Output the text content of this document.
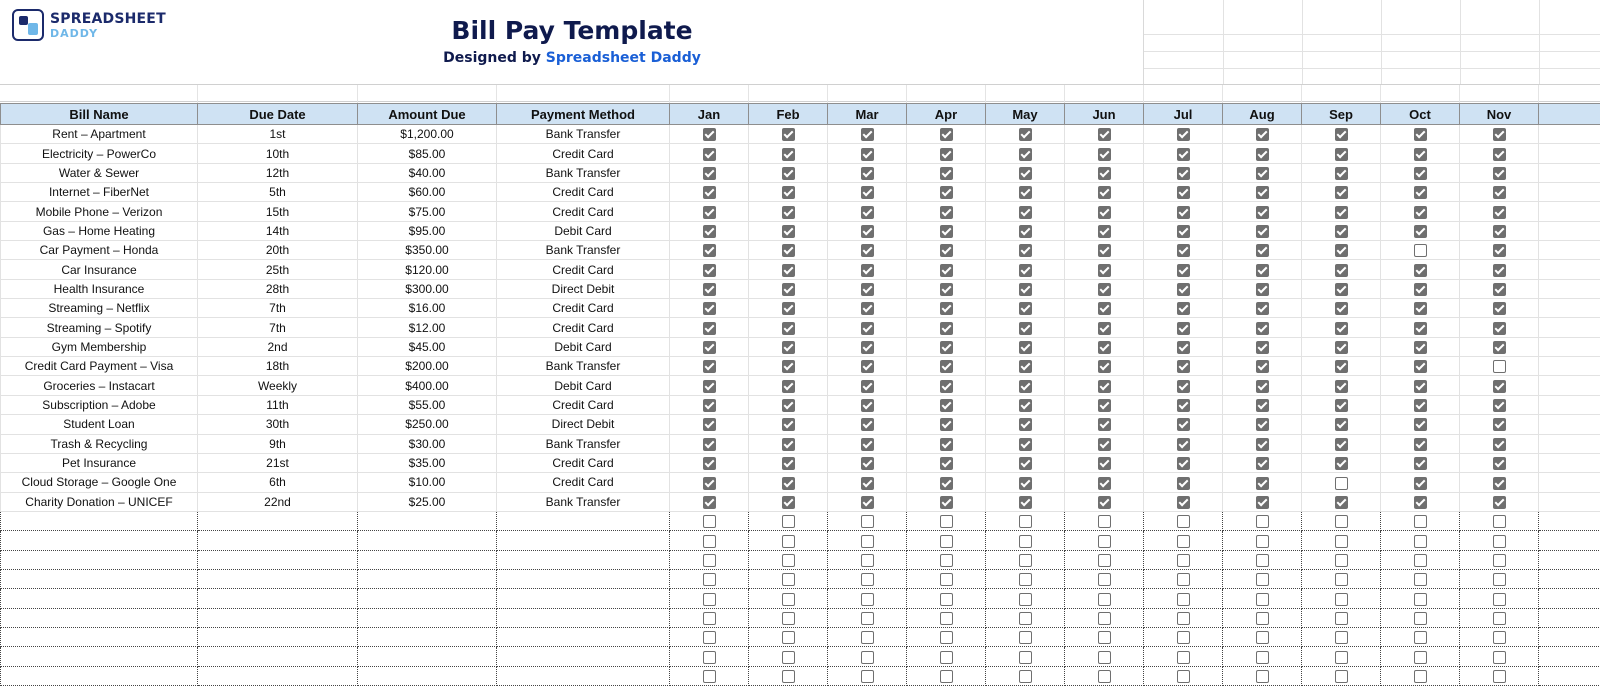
SPREADSHEET
DADDY	Bill Pay Template
Designed by Spreadsheet Daddy
Bill Name	Due Date	Amount Due	Payment Method	Jan	Feb	Mar	Apr	May	Jun	Jul	Aug	Sep	Oct	Nov	
Rent – Apartment	1st	$1,200.00	Bank Transfer												
Electricity – PowerCo	10th	$85.00	Credit Card												
Water & Sewer	12th	$40.00	Bank Transfer												
Internet – FiberNet	5th	$60.00	Credit Card												
Mobile Phone – Verizon	15th	$75.00	Credit Card												
Gas – Home Heating	14th	$95.00	Debit Card												
Car Payment – Honda	20th	$350.00	Bank Transfer												
Car Insurance	25th	$120.00	Credit Card												
Health Insurance	28th	$300.00	Direct Debit												
Streaming – Netflix	7th	$16.00	Credit Card												
Streaming – Spotify	7th	$12.00	Credit Card												
Gym Membership	2nd	$45.00	Debit Card												
Credit Card Payment – Visa	18th	$200.00	Bank Transfer												
Groceries – Instacart	Weekly	$400.00	Debit Card												
Subscription – Adobe	11th	$55.00	Credit Card												
Student Loan	30th	$250.00	Direct Debit												
Trash & Recycling	9th	$30.00	Bank Transfer												
Pet Insurance	21st	$35.00	Credit Card												
Cloud Storage – Google One	6th	$10.00	Credit Card												
Charity Donation – UNICEF	22nd	$25.00	Bank Transfer												
